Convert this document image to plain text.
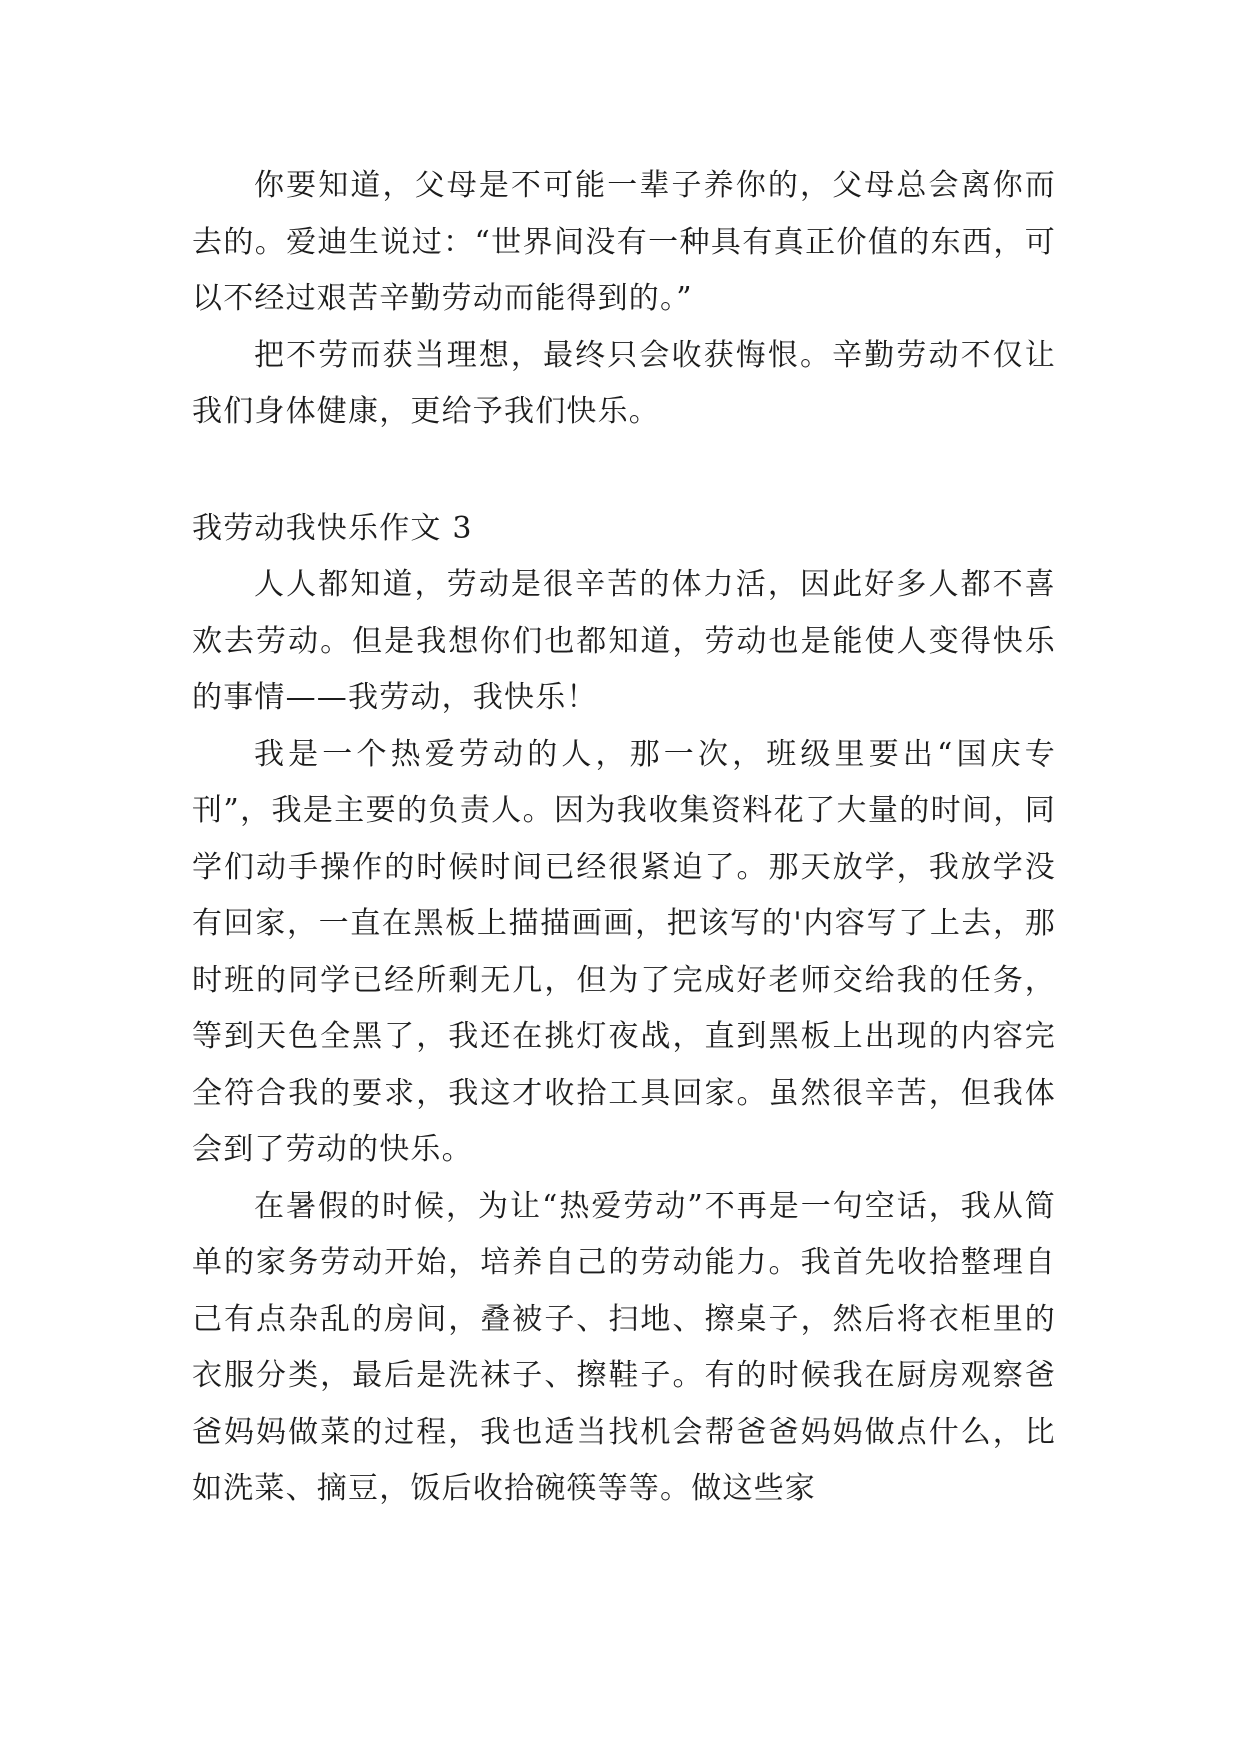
你要知道，父母是不可能一辈子养你的，父母总会离你而去的。爱迪生说过：“世界间没有一种具有真正价值的东西，可以不经过艰苦辛勤劳动而能得到的。”

把不劳而获当理想，最终只会收获悔恨。辛勤劳动不仅让我们身体健康，更给予我们快乐。

我劳动我快乐作文 3

人人都知道，劳动是很辛苦的体力活，因此好多人都不喜欢去劳动。但是我想你们也都知道，劳动也是能使人变得快乐的事情——我劳动，我快乐！

我是一个热爱劳动的人，那一次，班级里要出“国庆专刊”，我是主要的负责人。因为我收集资料花了大量的时间，同学们动手操作的时候时间已经很紧迫了。那天放学，我放学没有回家，一直在黑板上描描画画，把该写的'内容写了上去，那时班的同学已经所剩无几，但为了完成好老师交给我的任务，等到天色全黑了，我还在挑灯夜战，直到黑板上出现的内容完全符合我的要求，我这才收拾工具回家。虽然很辛苦，但我体会到了劳动的快乐。

在暑假的时候，为让“热爱劳动”不再是一句空话，我从简单的家务劳动开始，培养自己的劳动能力。我首先收拾整理自己有点杂乱的房间，叠被子、扫地、擦桌子，然后将衣柜里的衣服分类，最后是洗袜子、擦鞋子。有的时候我在厨房观察爸爸妈妈做菜的过程，我也适当找机会帮爸爸妈妈做点什么，比如洗菜、摘豆，饭后收拾碗筷等等。做这些家
